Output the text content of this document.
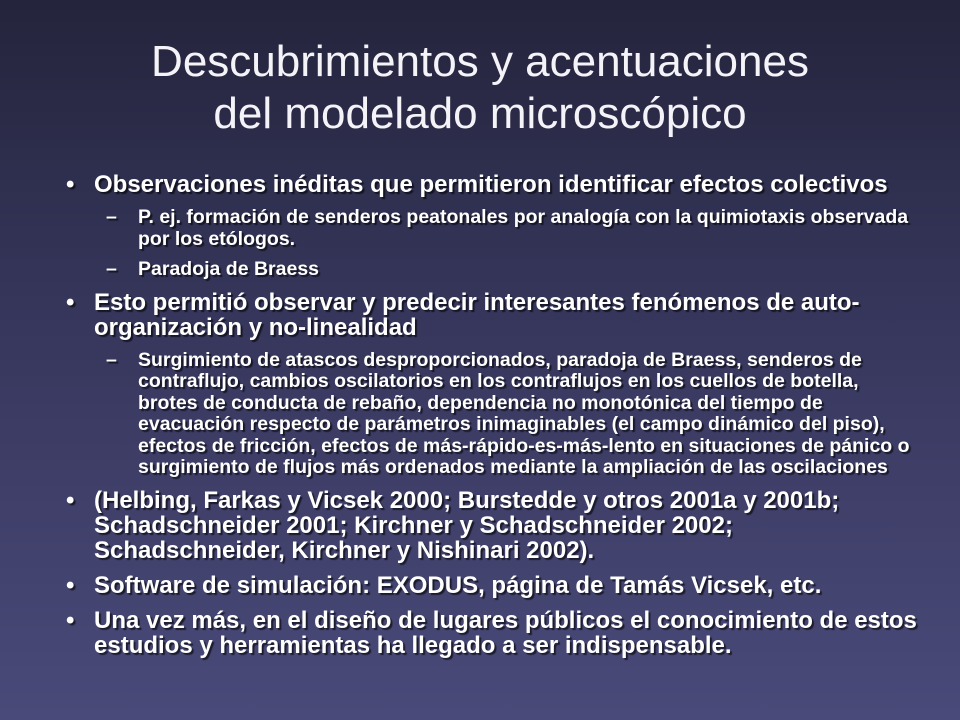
Descubrimientos y acentuaciones
del modelado microscópico
• Observaciones inéditas que permitieron identificar efectos colectivos
– P. ej. formación de senderos peatonales por analogía con la quimiotaxis observada por los etólogos.
– Paradoja de Braess
• Esto permitió observar y predecir interesantes fenómenos de auto-organización y no-linealidad
– Surgimiento de atascos desproporcionados, paradoja de Braess, senderos de contraflujo, cambios oscilatorios en los contraflujos en los cuellos de botella, brotes de conducta de rebaño, dependencia no monotónica del tiempo de evacuación respecto de parámetros inimaginables (el campo dinámico del piso), efectos de fricción, efectos de más-rápido-es-más-lento en situaciones de pánico o surgimiento de flujos más ordenados mediante la ampliación de las oscilaciones
• (Helbing, Farkas y Vicsek 2000; Burstedde y otros 2001a y 2001b; Schadschneider 2001; Kirchner y Schadschneider 2002; Schadschneider, Kirchner y Nishinari 2002).
• Software de simulación: EXODUS, página de Tamás Vicsek, etc.
• Una vez más, en el diseño de lugares públicos el conocimiento de estos estudios y herramientas ha llegado a ser indispensable.
